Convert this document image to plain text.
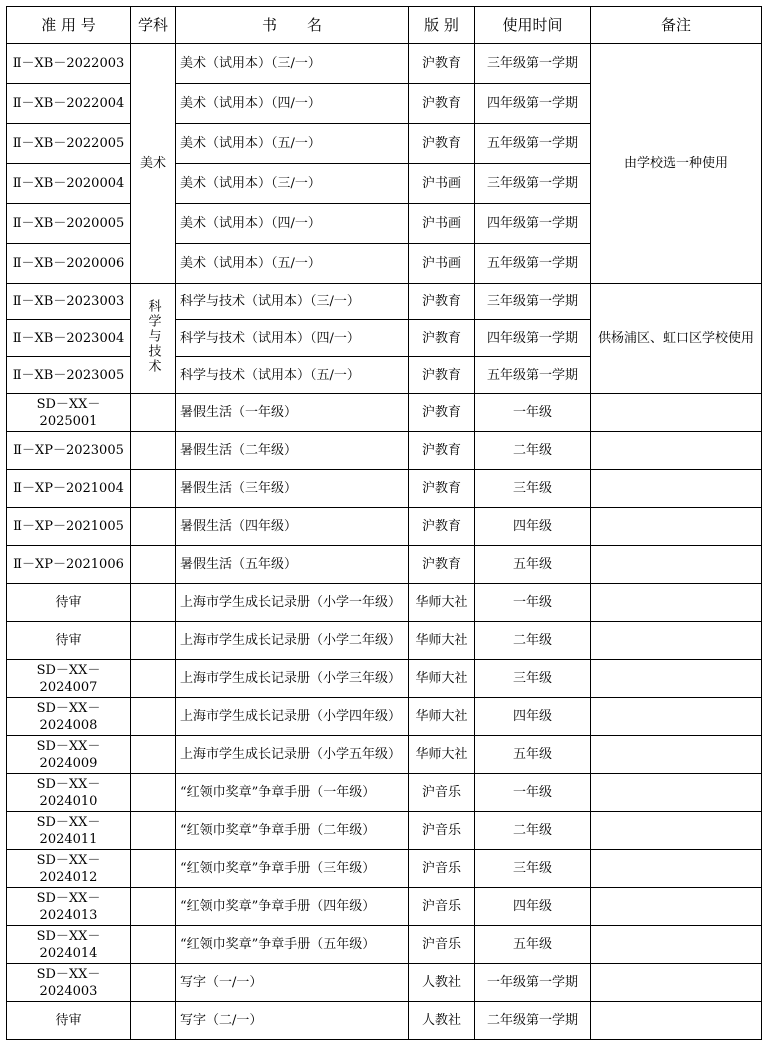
准 用 号	学科	书　　名	版 别	使用时间	备注
Ⅱ－XB－2022003	美术	美术（试用本）（三/一）	沪教育	三年级第一学期	由学校选一种使用
Ⅱ－XB－2022004		美术（试用本）（四/一）	沪教育	四年级第一学期	
Ⅱ－XB－2022005		美术（试用本）（五/一）	沪教育	五年级第一学期	
Ⅱ－XB－2020004		美术（试用本）（三/一）	沪书画	三年级第一学期	
Ⅱ－XB－2020005		美术（试用本）（四/一）	沪书画	四年级第一学期	
Ⅱ－XB－2020006		美术（试用本）（五/一）	沪书画	五年级第一学期	
Ⅱ－XB－2023003	科学与技术	科学与技术（试用本）（三/一）	沪教育	三年级第一学期	供杨浦区、虹口区学校使用
Ⅱ－XB－2023004		科学与技术（试用本）（四/一）	沪教育	四年级第一学期	
Ⅱ－XB－2023005		科学与技术（试用本）（五/一）	沪教育	五年级第一学期	
SD－XX－2025001		暑假生活（一年级）	沪教育	一年级	
Ⅱ－XP－2023005		暑假生活（二年级）	沪教育	二年级	
Ⅱ－XP－2021004		暑假生活（三年级）	沪教育	三年级	
Ⅱ－XP－2021005		暑假生活（四年级）	沪教育	四年级	
Ⅱ－XP－2021006		暑假生活（五年级）	沪教育	五年级	
待审		上海市学生成长记录册（小学一年级）	华师大社	一年级	
待审		上海市学生成长记录册（小学二年级）	华师大社	二年级	
SD－XX－2024007		上海市学生成长记录册（小学三年级）	华师大社	三年级	
SD－XX－2024008		上海市学生成长记录册（小学四年级）	华师大社	四年级	
SD－XX－2024009		上海市学生成长记录册（小学五年级）	华师大社	五年级	
SD－XX－2024010		“红领巾奖章”争章手册（一年级）	沪音乐	一年级	
SD－XX－2024011		“红领巾奖章”争章手册（二年级）	沪音乐	二年级	
SD－XX－2024012		“红领巾奖章”争章手册（三年级）	沪音乐	三年级	
SD－XX－2024013		“红领巾奖章”争章手册（四年级）	沪音乐	四年级	
SD－XX－2024014		“红领巾奖章”争章手册（五年级）	沪音乐	五年级	
SD－XX－2024003		写字（一/一）	人教社	一年级第一学期	
待审		写字（二/一）	人教社	二年级第一学期	
